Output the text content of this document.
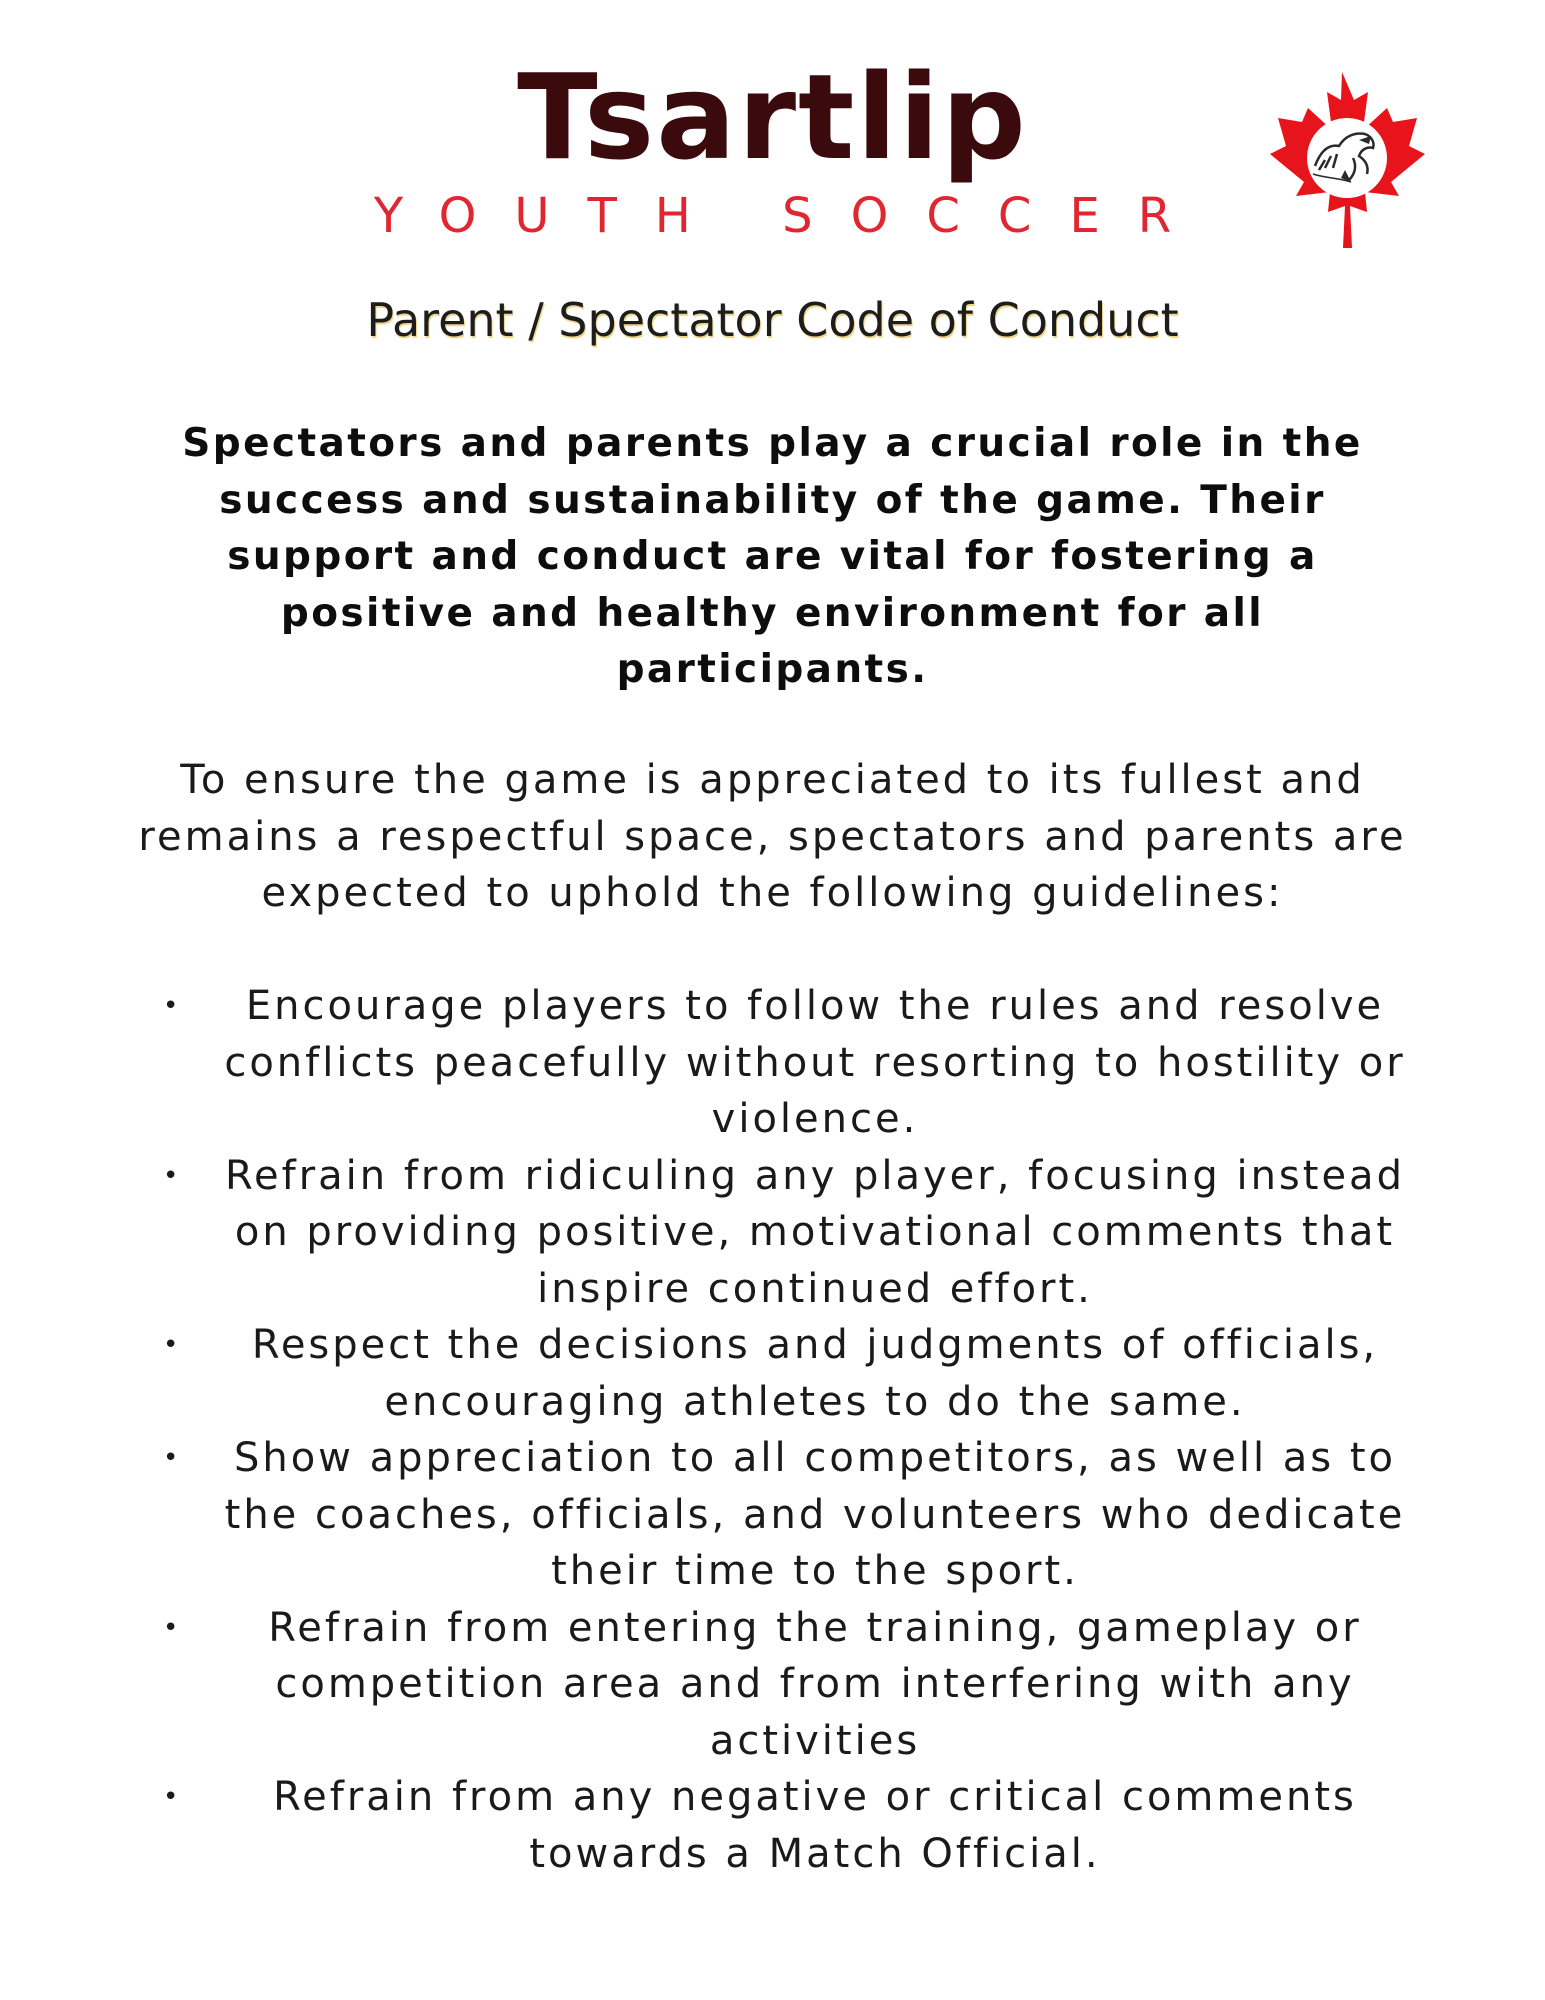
Tsartlip
YOUTH SOCCER
Parent / Spectator Code of Conduct
Spectators and parents play a crucial role in the success and sustainability of the game. Their support and conduct are vital for fostering a positive and healthy environment for all participants.
To ensure the game is appreciated to its fullest and remains a respectful space, spectators and parents are expected to uphold the following guidelines:
• Encourage players to follow the rules and resolve conflicts peacefully without resorting to hostility or violence.
• Refrain from ridiculing any player, focusing instead on providing positive, motivational comments that inspire continued effort.
• Respect the decisions and judgments of officials, encouraging athletes to do the same.
• Show appreciation to all competitors, as well as to the coaches, officials, and volunteers who dedicate their time to the sport.
• Refrain from entering the training, gameplay or competition area and from interfering with any activities
• Refrain from any negative or critical comments towards a Match Official.
